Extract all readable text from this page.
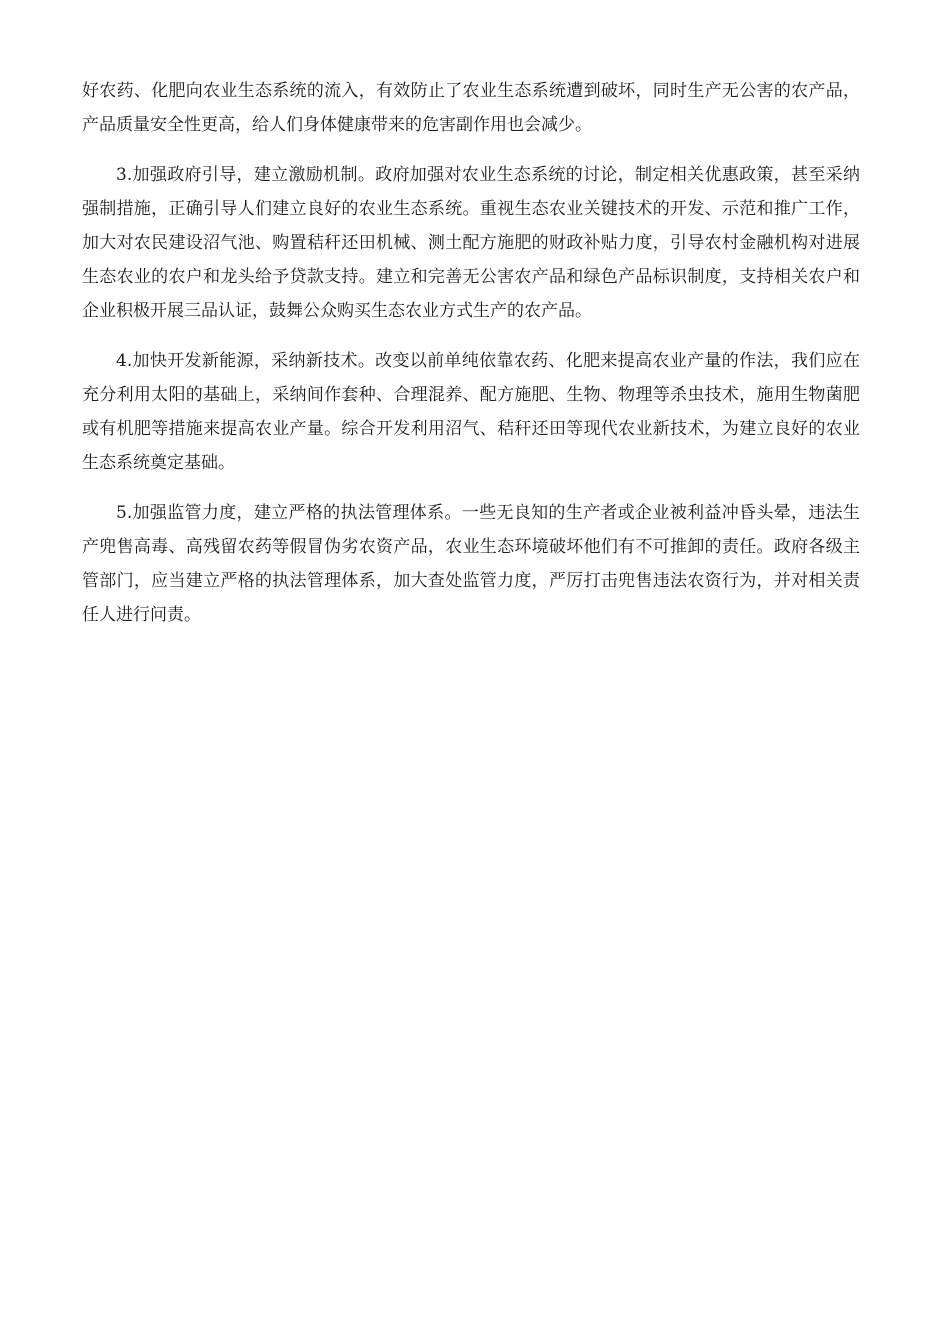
好农药、化肥向农业生态系统的流入，有效防止了农业生态系统遭到破坏，同时生产无公害的农产品，产品质量安全性更高，给人们身体健康带来的危害副作用也会减少。

3.加强政府引导，建立激励机制。政府加强对农业生态系统的讨论，制定相关优惠政策，甚至采纳强制措施，正确引导人们建立良好的农业生态系统。重视生态农业关键技术的开发、示范和推广工作，加大对农民建设沼气池、购置秸秆还田机械、测土配方施肥的财政补贴力度，引导农村金融机构对进展生态农业的农户和龙头给予贷款支持。建立和完善无公害农产品和绿色产品标识制度，支持相关农户和企业积极开展三品认证，鼓舞公众购买生态农业方式生产的农产品。

4.加快开发新能源，采纳新技术。改变以前单纯依靠农药、化肥来提高农业产量的作法，我们应在充分利用太阳的基础上，采纳间作套种、合理混养、配方施肥、生物、物理等杀虫技术，施用生物菌肥或有机肥等措施来提高农业产量。综合开发利用沼气、秸秆还田等现代农业新技术，为建立良好的农业生态系统奠定基础。

5.加强监管力度，建立严格的执法管理体系。一些无良知的生产者或企业被利益冲昏头晕，违法生产兜售高毒、高残留农药等假冒伪劣农资产品，农业生态环境破坏他们有不可推卸的责任。政府各级主管部门，应当建立严格的执法管理体系，加大查处监管力度，严厉打击兜售违法农资行为，并对相关责任人进行问责。
